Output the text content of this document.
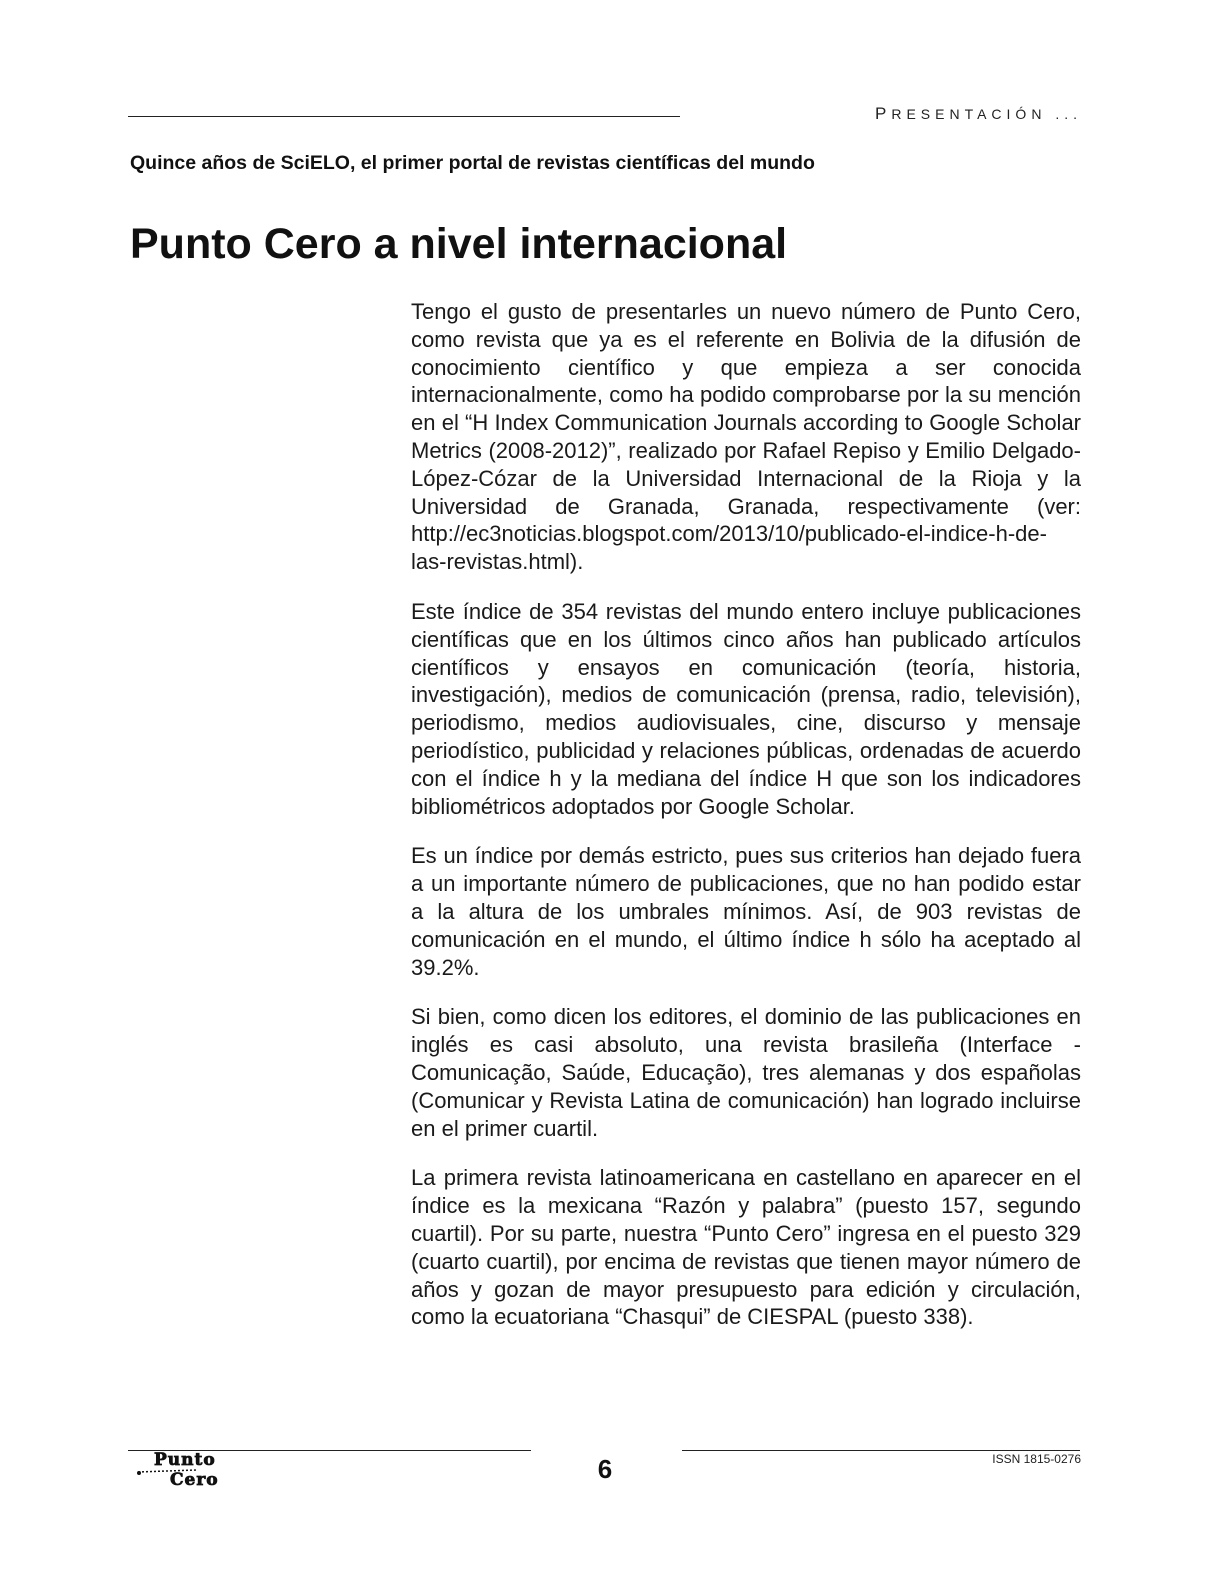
PRESENTACIÓN ...
Quince años de SciELO, el primer portal de revistas científicas del mundo
Punto Cero a nivel internacional

Tengo el gusto de presentarles un nuevo número de Punto Cero, como revista que ya es el referente en Bolivia de la difusión de conocimiento científico y que empieza a ser conocida internacionalmente, como ha podido comprobarse por la su mención en el “H Index Communication Journals according to Google Scholar Metrics (2008-2012)”, realizado por Rafael Repiso y Emilio Delgado-López-Cózar de la Universidad Internacional de la Rioja y la Universidad de Granada, Granada, respectivamente (ver: http://ec3noticias.blogspot.com/2013/10/publicado-el-indice-h-de-las-revistas.html).

Este índice de 354 revistas del mundo entero incluye publicaciones científicas que en los últimos cinco años han publicado artículos científicos y ensayos en comunicación (teoría, historia, investigación), medios de comunicación (prensa, radio, televisión), periodismo, medios audiovisuales, cine, discurso y mensaje periodístico, publicidad y relaciones públicas, ordenadas de acuerdo con el índice h y la mediana del índice H que son los indicadores bibliométricos adoptados por Google Scholar.

Es un índice por demás estricto, pues sus criterios han dejado fuera a un importante número de publicaciones, que no han podido estar a la altura de los umbrales mínimos. Así, de 903 revistas de comunicación en el mundo, el último índice h sólo ha aceptado al 39.2%.

Si bien, como dicen los editores, el dominio de las publicaciones en inglés es casi absoluto, una revista brasileña (Interface - Comunicação, Saúde, Educação), tres alemanas y dos españolas (Comunicar y Revista Latina de comunicación) han logrado incluirse en el primer cuartil.

La primera revista latinoamericana en castellano en aparecer en el índice es la mexicana “Razón y palabra” (puesto 157, segundo cuartil). Por su parte, nuestra “Punto Cero” ingresa en el puesto 329 (cuarto cuartil), por encima de revistas que tienen mayor número de años y gozan de mayor presupuesto para edición y circulación, como la ecuatoriana “Chasqui” de CIESPAL (puesto 338).

Punto
Cero	6	ISSN 1815-0276
